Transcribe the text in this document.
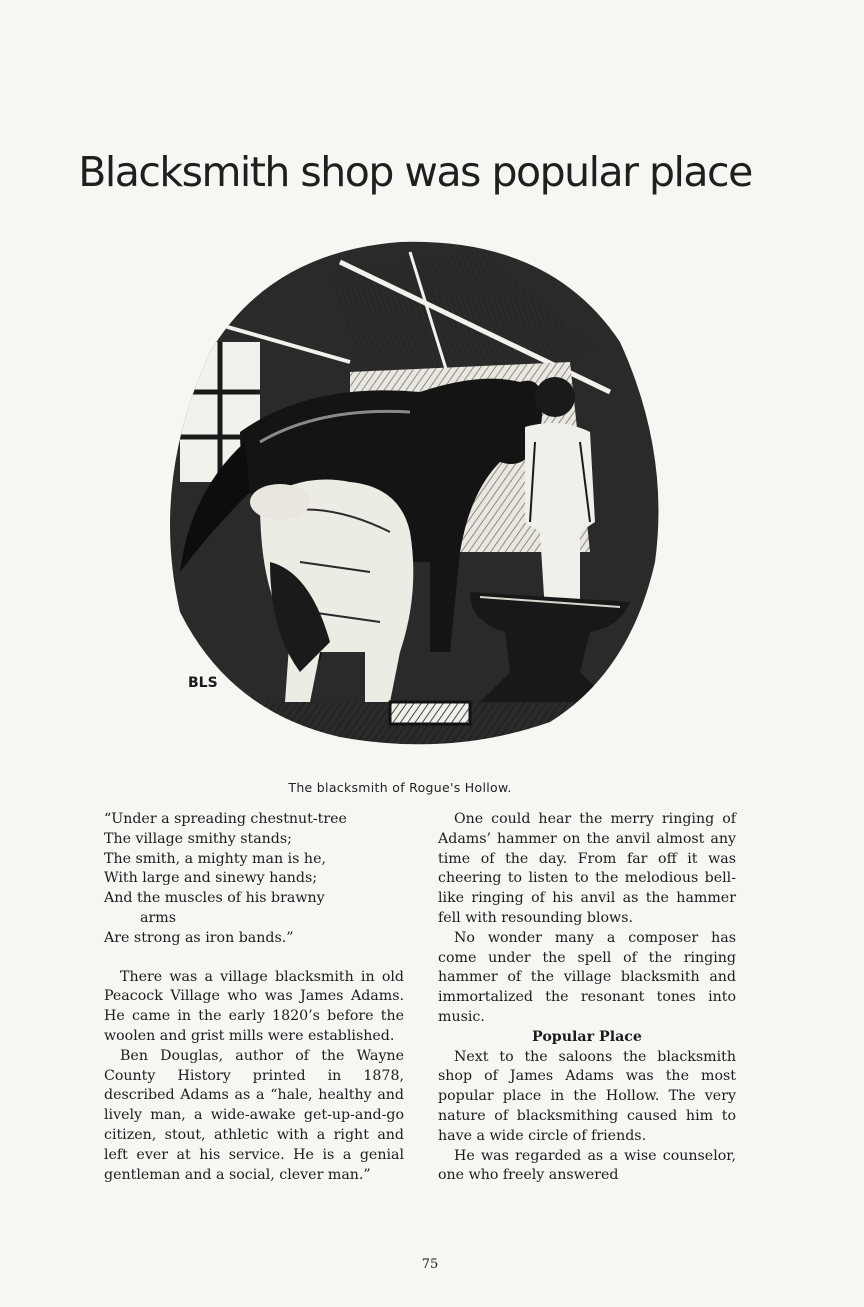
Blacksmith shop was popular place
BLS
The blacksmith of Rogue's Hollow.
“Under a spreading chestnut-tree
The village smithy stands;
The smith, a mighty man is he,
With large and sinewy hands;
And the muscles of his brawny
arms
Are strong as iron bands.”

There was a village blacksmith in old Peacock Village who was James Adams. He came in the early 1820’s before the woolen and grist mills were established.

Ben Douglas, author of the Wayne County History printed in 1878, described Adams as a “hale, healthy and lively man, a wide-awake get-up-and-go citizen, stout, athletic with a right and left ever at his service. He is a genial gentleman and a social, clever man.”

One could hear the merry ringing of Adams’ hammer on the anvil almost any time of the day. From far off it was cheering to listen to the melodious bell-like ringing of his anvil as the hammer fell with resounding blows.

No wonder many a composer has come under the spell of the ringing hammer of the village blacksmith and immortalized the resonant tones into music.

Popular Place

Next to the saloons the blacksmith shop of James Adams was the most popular place in the Hollow. The very nature of blacksmithing caused him to have a wide circle of friends.

He was regarded as a wise counselor, one who freely answered

75
